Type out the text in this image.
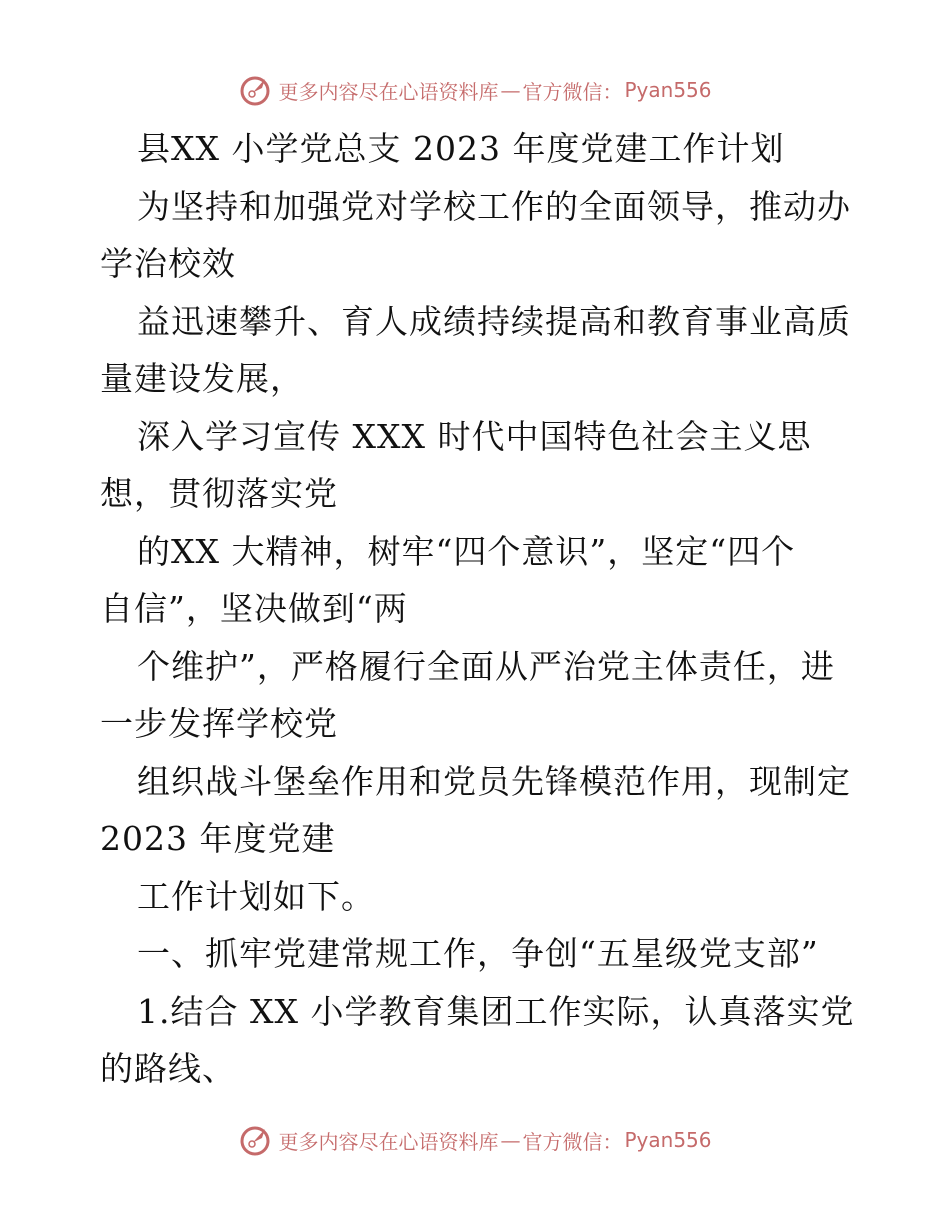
更多内容尽在心语资料库 — 官方微信： Pyan556
县XX 小学党总支 2023 年度党建工作计划
为坚持和加强党对学校工作的全面领导，推动办
学治校效
益迅速攀升、育人成绩持续提高和教育事业高质
量建设发展，
深入学习宣传 XXX 时代中国特色社会主义思
想，贯彻落实党
的XX 大精神，树牢“四个意识”，坚定“四个
自信”，坚决做到“两
个维护”，严格履行全面从严治党主体责任，进
一步发挥学校党
组织战斗堡垒作用和党员先锋模范作用，现制定
2023 年度党建
工作计划如下。
一、抓牢党建常规工作，争创“五星级党支部”
1.结合 XX 小学教育集团工作实际，认真落实党
的路线、
更多内容尽在心语资料库 — 官方微信： Pyan556
